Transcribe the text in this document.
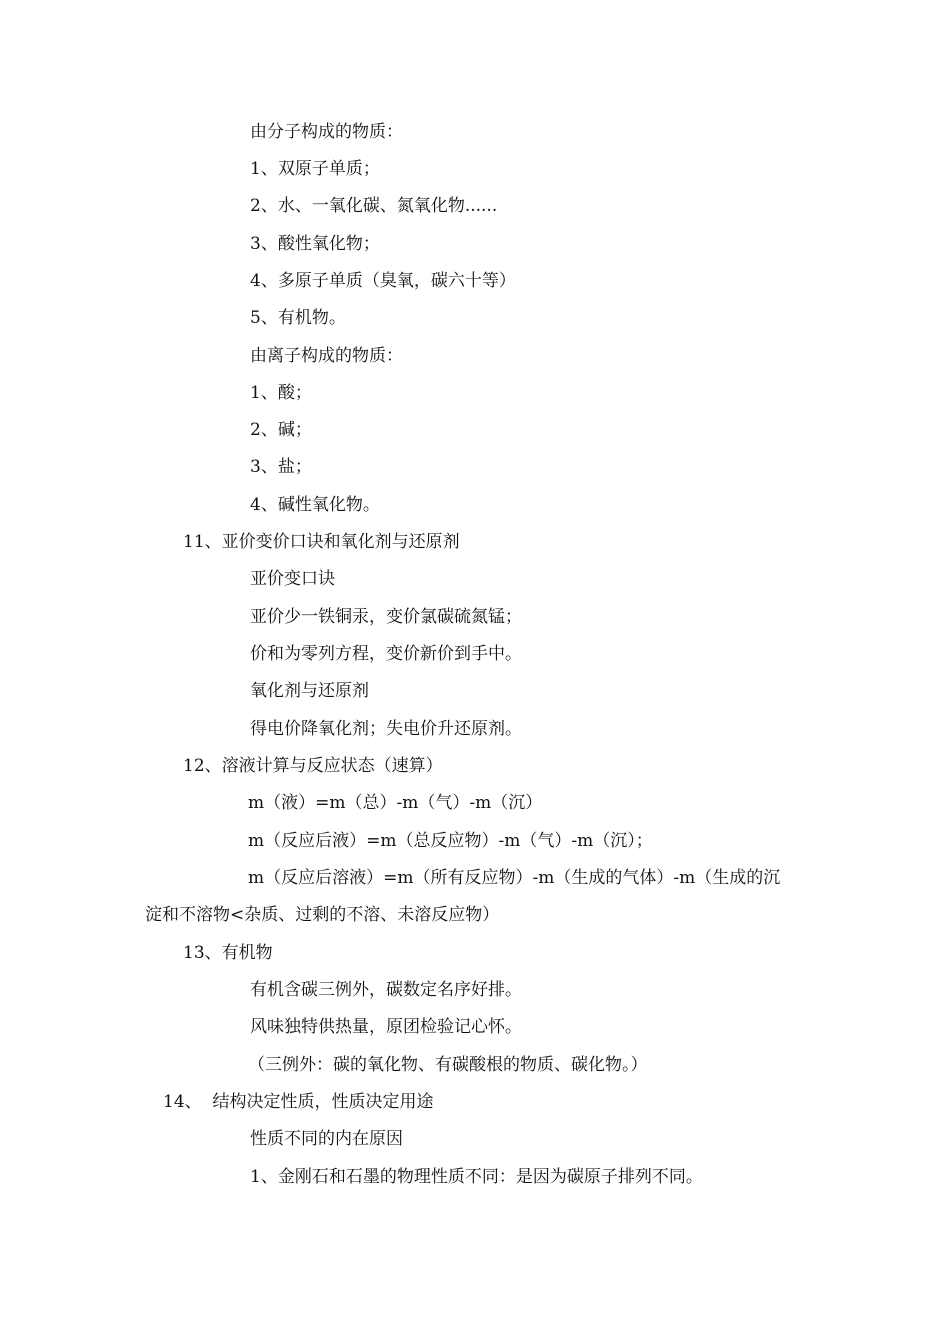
由分子构成的物质：
1、双原子单质；
2、水、一氧化碳、氮氧化物......
3、酸性氧化物；
4、多原子单质（臭氧，碳六十等）
5、有机物。
由离子构成的物质：
1、酸；
2、碱；
3、盐；
4、碱性氧化物。
11、亚价变价口诀和氧化剂与还原剂
亚价变口诀
亚价少一铁铜汞，变价氯碳硫氮锰；
价和为零列方程，变价新价到手中。
氧化剂与还原剂
得电价降氧化剂；失电价升还原剂。
12、溶液计算与反应状态（速算）
m（液）=m（总）-m（气）-m（沉）
m（反应后液）=m（总反应物）-m（气）-m（沉）；
m（反应后溶液）=m（所有反应物）-m（生成的气体）-m（生成的沉
淀和不溶物<杂质、过剩的不溶、未溶反应物）
13、有机物
有机含碳三例外，碳数定名序好排。
风味独特供热量，原团检验记心怀。
（三例外：碳的氧化物、有碳酸根的物质、碳化物。）
14、  结构决定性质，性质决定用途
性质不同的内在原因
1、金刚石和石墨的物理性质不同：是因为碳原子排列不同。
